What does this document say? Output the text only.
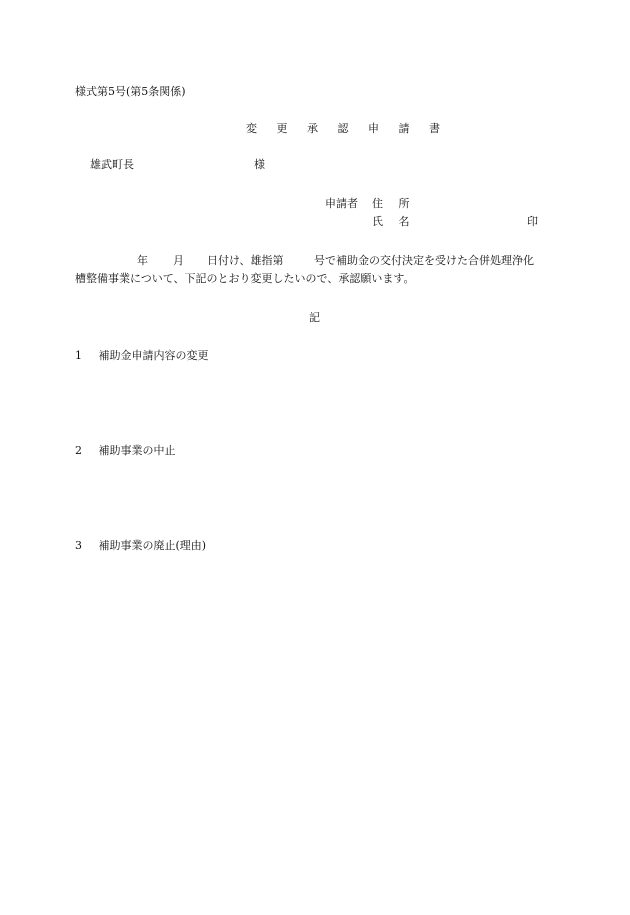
様式第5号(第5条関係)
変 更 承 認 申 請 書
雄武町長	様
申請者 住 所
氏 名	印
年 月 日付け、雄指第	号で補助金の交付決定を受けた合併処理浄化
槽整備事業について、下記のとおり変更したいので、承認願います。
記
1 補助金申請内容の変更
2 補助事業の中止
3 補助事業の廃止(理由)
